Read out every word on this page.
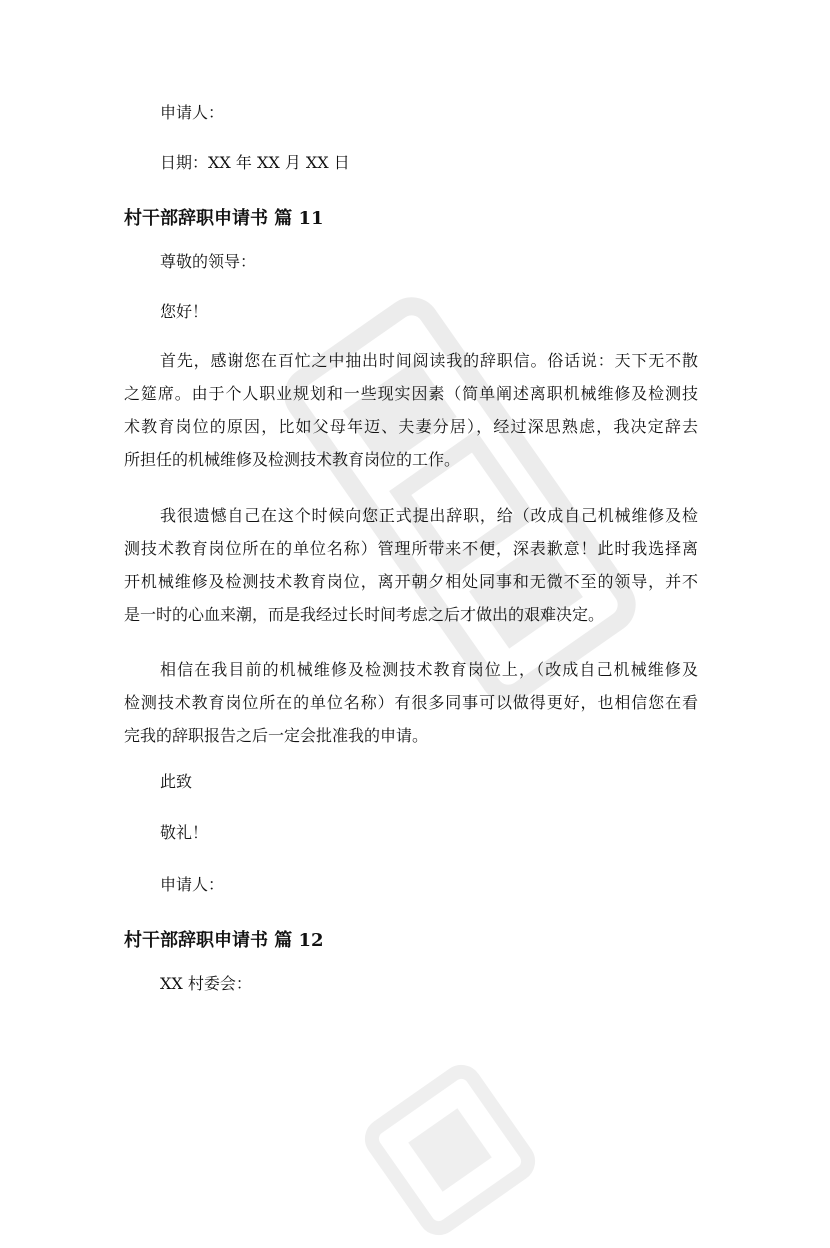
申请人：
日期：XX 年 XX 月 XX 日
村干部辞职申请书 篇 11
尊敬的领导：
您好！
首先，感谢您在百忙之中抽出时间阅读我的辞职信。俗话说：天下无不散
之筵席。由于个人职业规划和一些现实因素（简单阐述离职机械维修及检测技
术教育岗位的原因，比如父母年迈、夫妻分居），经过深思熟虑，我决定辞去
所担任的机械维修及检测技术教育岗位的工作。
我很遗憾自己在这个时候向您正式提出辞职，给（改成自己机械维修及检
测技术教育岗位所在的单位名称）管理所带来不便，深表歉意！此时我选择离
开机械维修及检测技术教育岗位，离开朝夕相处同事和无微不至的领导，并不
是一时的心血来潮，而是我经过长时间考虑之后才做出的艰难决定。
相信在我目前的机械维修及检测技术教育岗位上，（改成自己机械维修及
检测技术教育岗位所在的单位名称）有很多同事可以做得更好，也相信您在看
完我的辞职报告之后一定会批准我的申请。
此致
敬礼！
申请人：
村干部辞职申请书 篇 12
XX 村委会：
